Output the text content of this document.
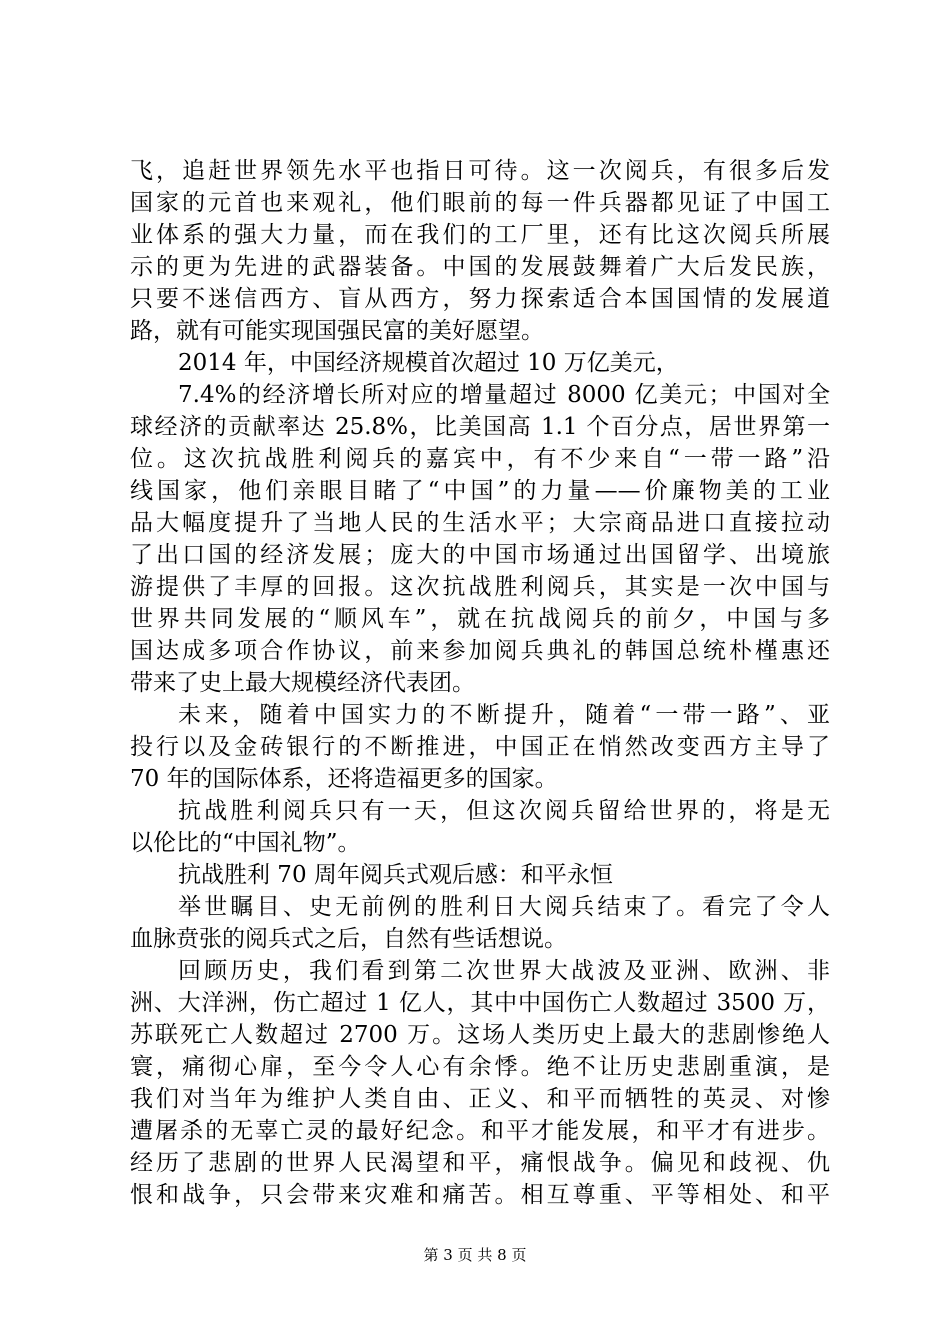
飞，追赶世界领先水平也指日可待。这一次阅兵，有很多后发
国家的元首也来观礼，他们眼前的每一件兵器都见证了中国工
业体系的强大力量，而在我们的工厂里，还有比这次阅兵所展
示的更为先进的武器装备。中国的发展鼓舞着广大后发民族，
只要不迷信西方、盲从西方，努力探索适合本国国情的发展道
路，就有可能实现国强民富的美好愿望。
2014 年，中国经济规模首次超过 10 万亿美元，
7.4%的经济增长所对应的增量超过 8000 亿美元；中国对全
球经济的贡献率达 25.8%，比美国高 1.1 个百分点，居世界第一
位。这次抗战胜利阅兵的嘉宾中，有不少来自“一带一路”沿
线国家，他们亲眼目睹了“中国”的力量——价廉物美的工业
品大幅度提升了当地人民的生活水平；大宗商品进口直接拉动
了出口国的经济发展；庞大的中国市场通过出国留学、出境旅
游提供了丰厚的回报。这次抗战胜利阅兵，其实是一次中国与
世界共同发展的“顺风车”，就在抗战阅兵的前夕，中国与多
国达成多项合作协议，前来参加阅兵典礼的韩国总统朴槿惠还
带来了史上最大规模经济代表团。
未来，随着中国实力的不断提升，随着“一带一路”、亚
投行以及金砖银行的不断推进，中国正在悄然改变西方主导了
70 年的国际体系，还将造福更多的国家。
抗战胜利阅兵只有一天，但这次阅兵留给世界的，将是无
以伦比的“中国礼物”。
抗战胜利 70 周年阅兵式观后感：和平永恒
举世瞩目、史无前例的胜利日大阅兵结束了。看完了令人
血脉贲张的阅兵式之后，自然有些话想说。
回顾历史，我们看到第二次世界大战波及亚洲、欧洲、非
洲、大洋洲，伤亡超过 1 亿人，其中中国伤亡人数超过 3500 万，
苏联死亡人数超过 2700 万。这场人类历史上最大的悲剧惨绝人
寰，痛彻心扉，至今令人心有余悸。绝不让历史悲剧重演，是
我们对当年为维护人类自由、正义、和平而牺牲的英灵、对惨
遭屠杀的无辜亡灵的最好纪念。和平才能发展，和平才有进步。
经历了悲剧的世界人民渴望和平，痛恨战争。偏见和歧视、仇
恨和战争，只会带来灾难和痛苦。相互尊重、平等相处、和平
第 3 页 共 8 页
